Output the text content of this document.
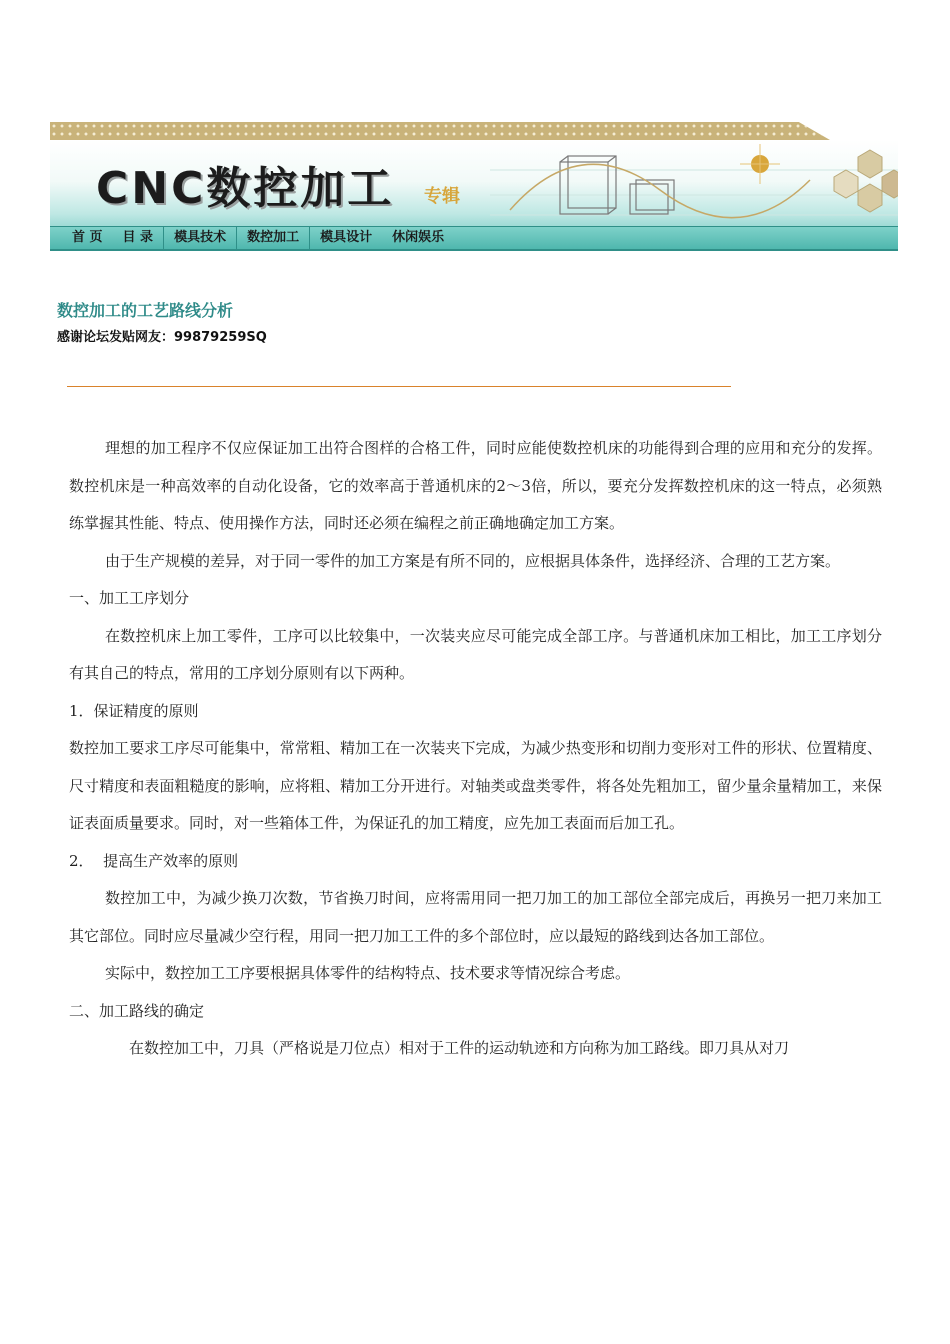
CNC数控加工 专辑
首 页	目 录	模具技术	数控加工	模具设计	休闲娱乐
数控加工的工艺路线分析
感谢论坛发贴网友：99879259SQ

理想的加工程序不仅应保证加工出符合图样的合格工件，同时应能使数控机床的功能得到合理的应用和充分的发挥。数控机床是一种高效率的自动化设备，它的效率高于普通机床的2～3倍，所以，要充分发挥数控机床的这一特点，必须熟练掌握其性能、特点、使用操作方法，同时还必须在编程之前正确地确定加工方案。

由于生产规模的差异，对于同一零件的加工方案是有所不同的，应根据具体条件，选择经济、合理的工艺方案。

一、加工工序划分

在数控机床上加工零件，工序可以比较集中，一次装夹应尽可能完成全部工序。与普通机床加工相比，加工工序划分有其自己的特点，常用的工序划分原则有以下两种。

1．保证精度的原则

数控加工要求工序尽可能集中，常常粗、精加工在一次装夹下完成，为减少热变形和切削力变形对工件的形状、位置精度、尺寸精度和表面粗糙度的影响，应将粗、精加工分开进行。对轴类或盘类零件，将各处先粗加工，留少量余量精加工，来保证表面质量要求。同时，对一些箱体工件，为保证孔的加工精度，应先加工表面而后加工孔。

2．  提高生产效率的原则

数控加工中，为减少换刀次数，节省换刀时间，应将需用同一把刀加工的加工部位全部完成后，再换另一把刀来加工其它部位。同时应尽量减少空行程，用同一把刀加工工件的多个部位时，应以最短的路线到达各加工部位。

实际中，数控加工工序要根据具体零件的结构特点、技术要求等情况综合考虑。

二、加工路线的确定

在数控加工中，刀具（严格说是刀位点）相对于工件的运动轨迹和方向称为加工路线。即刀具从对刀
